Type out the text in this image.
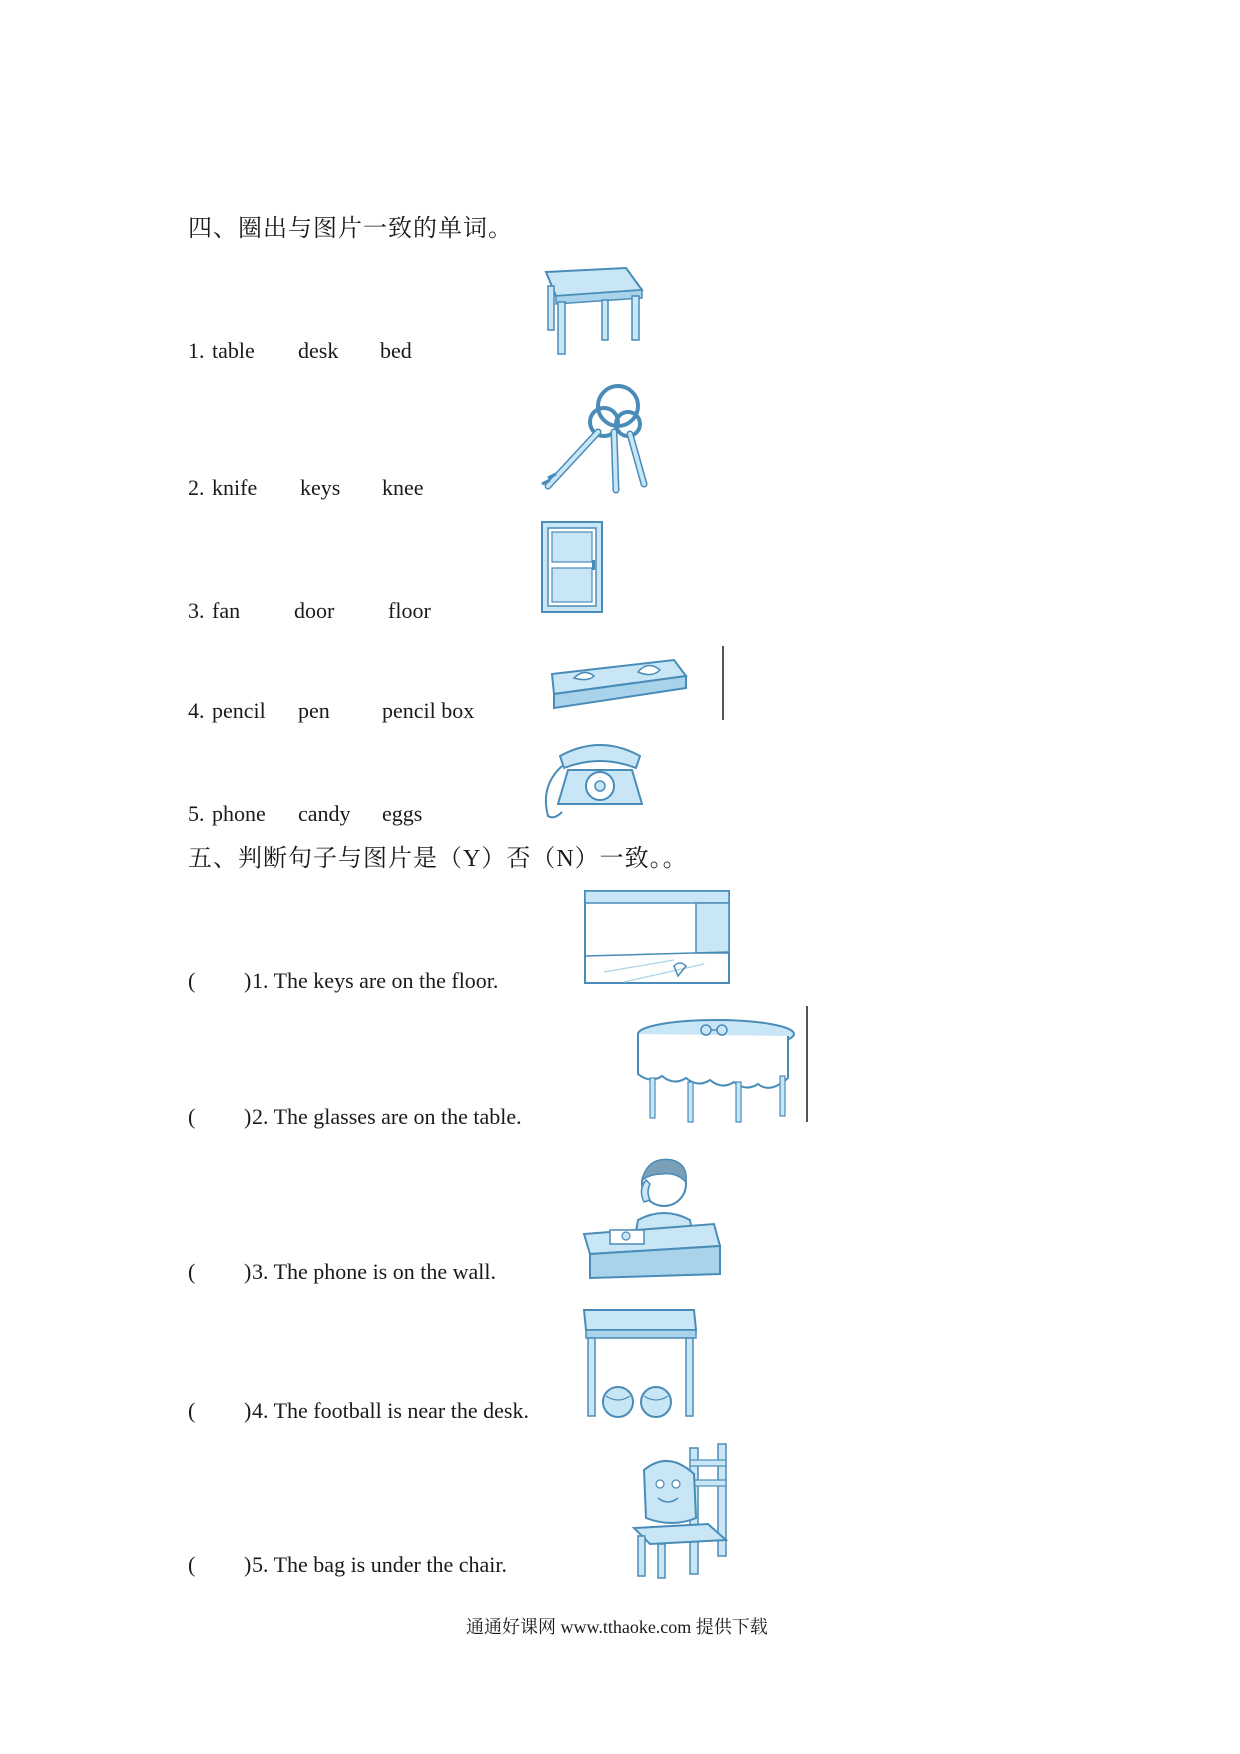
四、圈出与图片一致的单词。
1. table desk bed
2. knife keys knee
3. fan door floor
4. pencil pen pencil box
5. phone candy eggs
五、判断句子与图片是（Y）否（N）一致。。
( ) 1. The keys are on the floor.
( ) 2. The glasses are on the table.
( ) 3. The phone is on the wall.
( ) 4. The football is near the desk.
( ) 5. The bag is under the chair.
通通好课网 www.tthaoke.com 提供下载
